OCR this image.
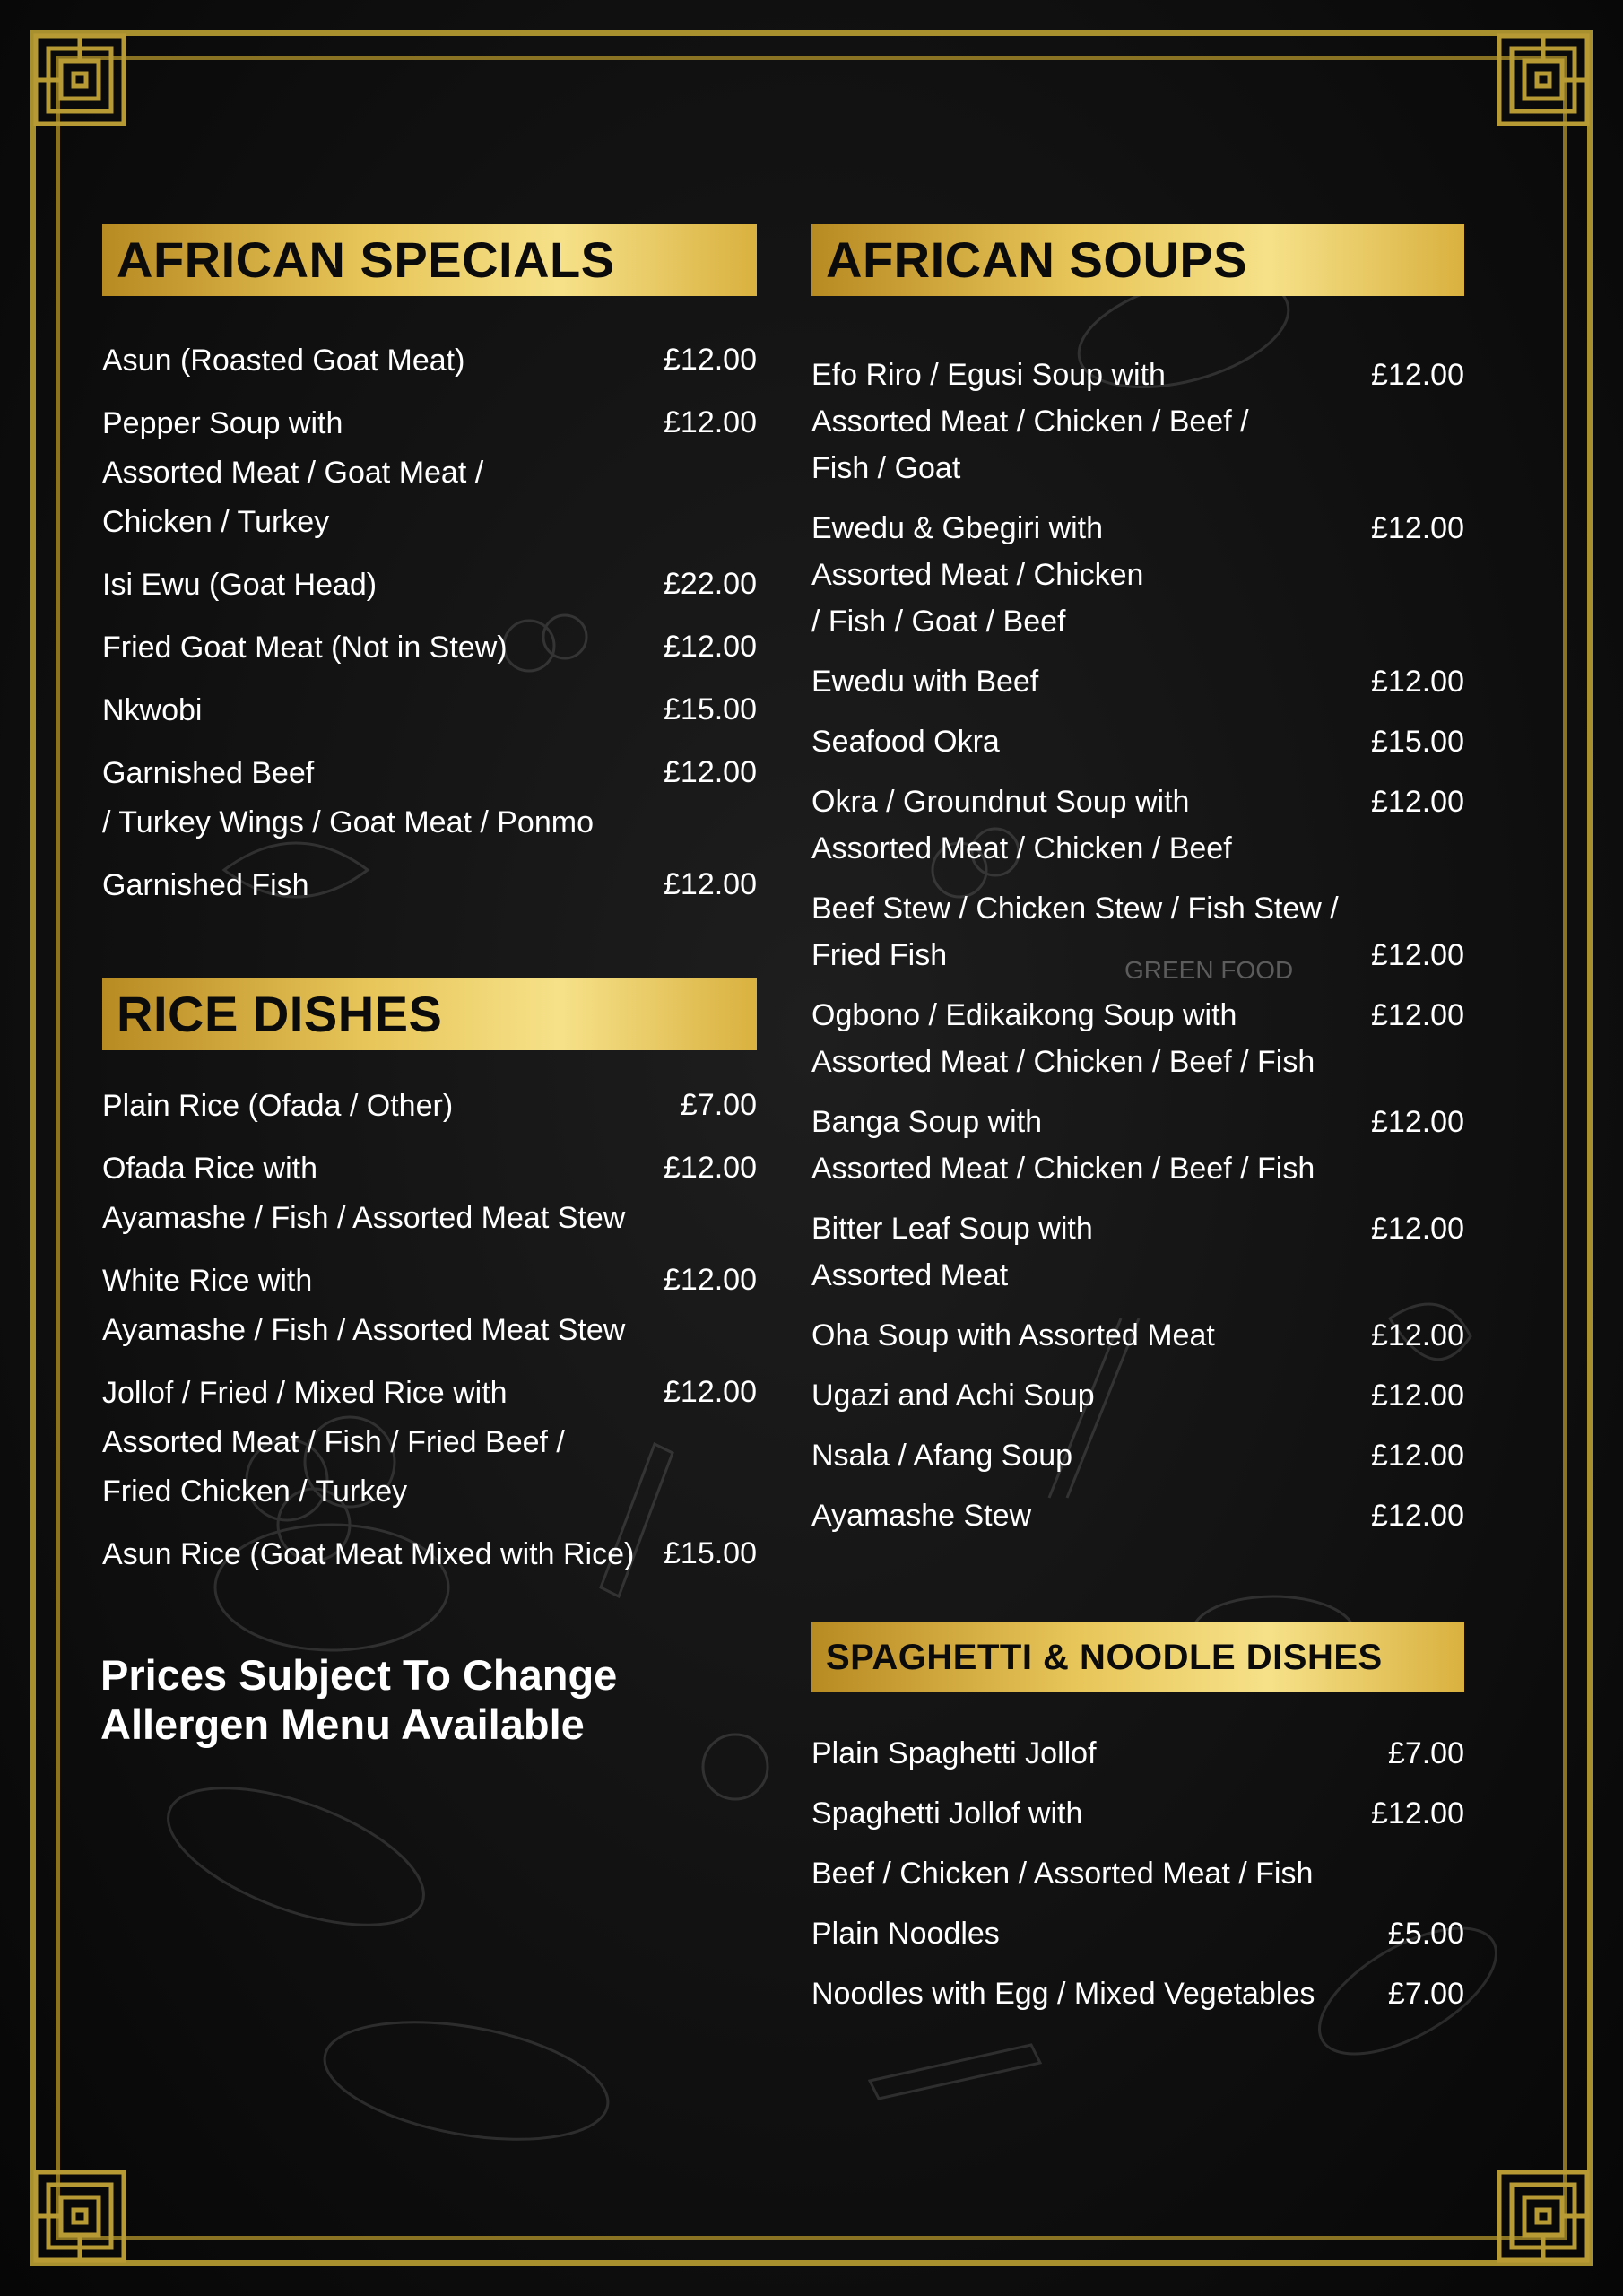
GREEN FOOD
AFRICAN SPECIALS
Asun (Roasted Goat Meat)	£12.00
Pepper Soup with
Assorted Meat / Goat Meat /
Chicken / Turkey
£12.00
Isi Ewu (Goat Head)	£22.00
Fried Goat Meat (Not in Stew)	£12.00
Nkwobi	£15.00
Garnished Beef
/ Turkey Wings / Goat Meat / Ponmo
£12.00
Garnished Fish	£12.00
RICE DISHES
Plain Rice (Ofada / Other)	£7.00
Ofada Rice with
Ayamashe / Fish / Assorted Meat Stew
£12.00
White Rice with
Ayamashe / Fish / Assorted Meat Stew
£12.00
Jollof / Fried / Mixed Rice with
Assorted Meat / Fish / Fried Beef /
Fried Chicken / Turkey
£12.00
Asun Rice (Goat Meat Mixed with Rice) £15.00
AFRICAN SOUPS
Efo Riro / Egusi Soup with
Assorted Meat / Chicken / Beef /
Fish / Goat
£12.00
Ewedu & Gbegiri with
Assorted Meat / Chicken
/ Fish / Goat / Beef
£12.00
Ewedu with Beef	£12.00
Seafood Okra	£15.00
Okra / Groundnut Soup with
Assorted Meat / Chicken / Beef
£12.00
Beef Stew / Chicken Stew / Fish Stew /
Fried Fish	£12.00
Ogbono / Edikaikong Soup with
Assorted Meat / Chicken / Beef / Fish
£12.00
Banga Soup with
Assorted Meat / Chicken / Beef / Fish
£12.00
Bitter Leaf Soup with
Assorted Meat
£12.00
Oha Soup with Assorted Meat	£12.00
Ugazi and Achi Soup	£12.00
Nsala / Afang Soup	£12.00
Ayamashe Stew	£12.00
SPAGHETTI & NOODLE DISHES
Plain Spaghetti Jollof	£7.00
Spaghetti Jollof with	£12.00
Beef / Chicken / Assorted Meat / Fish
Plain Noodles	£5.00
Noodles with Egg / Mixed Vegetables £7.00
Prices Subject To Change
Allergen Menu Available
